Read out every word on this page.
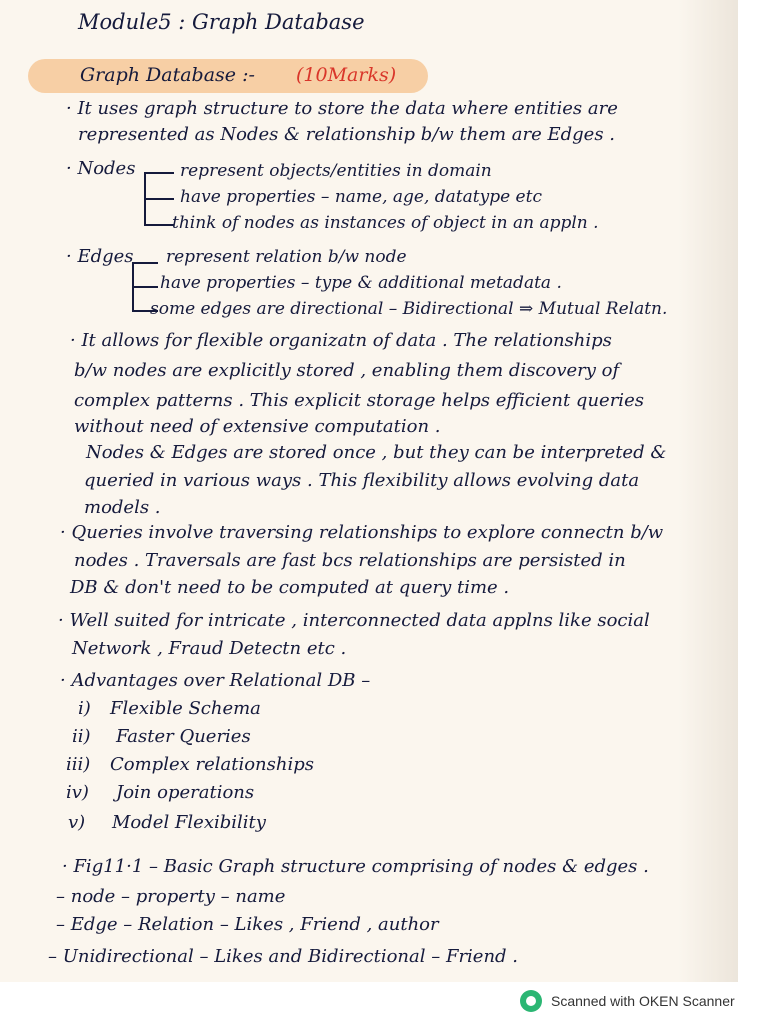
Module5 : Graph Database
Graph Database :- (10Marks)
· It uses graph structure to store the data where entities are
represented as Nodes & relationship b/w them are Edges .
· Nodes	represent objects/entities in domain
have properties – name, age, datatype etc
think of nodes as instances of object in an appln .
· Edges represent relation b/w node
have properties – type & additional metadata .
some edges are directional – Bidirectional ⇒ Mutual Relatn.
· It allows for flexible organizatn of data . The relationships
b/w nodes are explicitly stored , enabling them discovery of
complex patterns . This explicit storage helps efficient queries
without need of extensive computation .
Nodes & Edges are stored once , but they can be interpreted &
queried in various ways . This flexibility allows evolving data
models .
· Queries involve traversing relationships to explore connectn b/w
nodes . Traversals are fast bcs relationships are persisted in
DB & don't need to be computed at query time .
· Well suited for intricate , interconnected data applns like social
Network , Fraud Detectn etc .
· Advantages over Relational DB –
i) Flexible Schema
ii) Faster Queries
iii) Complex relationships
iv) Join operations
v) Model Flexibility
· Fig11·1 – Basic Graph structure comprising of nodes & edges .
– node – property – name
– Edge – Relation – Likes , Friend , author
– Unidirectional – Likes and Bidirectional – Friend .
Scanned with OKEN Scanner
